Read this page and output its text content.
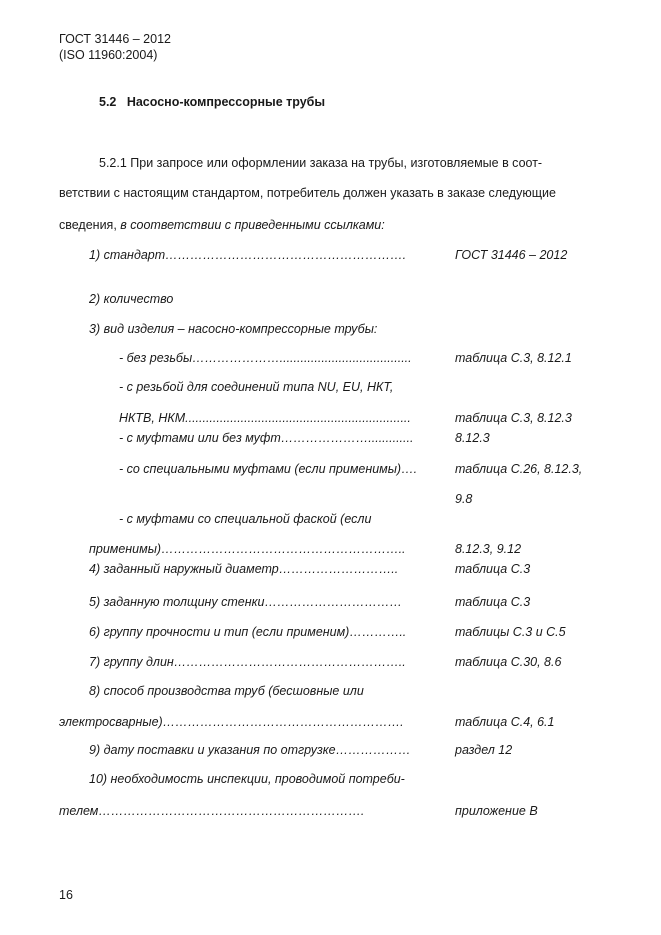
ГОСТ 31446 – 2012
(ISO 11960:2004)
5.2 Насосно-компрессорные трубы
5.2.1 При запросе или оформлении заказа на трубы, изготовляемые в соот-
ветствии с настоящим стандартом, потребитель должен указать в заказе следующие
сведения, в соответствии с приведенными ссылками:
1) стандарт………………………………………………….	ГОСТ 31446 – 2012
2) количество
3) вид изделия – насосно-компрессорные трубы:
- без резьбы…………………......................................	таблица С.3, 8.12.1
- с резьбой для соединений типа NU, EU, НКТ,
НКТВ, НКМ.................................................................	таблица С.3, 8.12.3
- с муфтами или без муфт………………….............	8.12.3
- со специальными муфтами (если применимы)….	таблица С.26, 8.12.3,
9.8
- с муфтами со специальной фаской (если
применимы)…………………………………………………..	8.12.3, 9.12
4) заданный наружный диаметр………………………..	таблица С.3
5) заданную толщину стенки……………………………	таблица С.3
6) группу прочности и тип (если применим)…………..	таблицы С.3 и С.5
7) группу длин………………………………………………..	таблица С.30, 8.6
8) способ производства труб (бесшовные или
электросварные)………………………………………………….	таблица С.4, 6.1
9) дату поставки и указания по отгрузке………………	раздел 12
10) необходимость инспекции, проводимой потреби-
телем……………………………………………………….	приложение В
16
